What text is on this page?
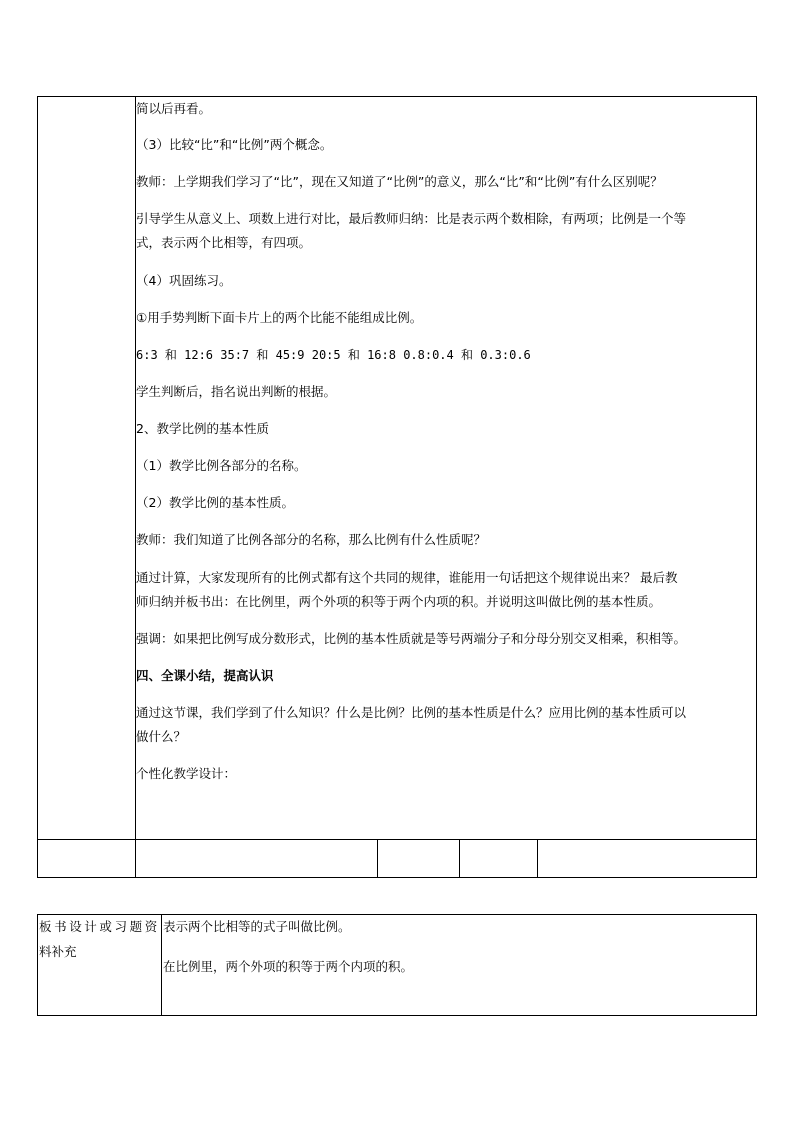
简以后再看。
（3）比较“比”和“比例”两个概念。
教师：上学期我们学习了“比”，现在又知道了“比例”的意义，那么“比”和“比例”有什么区别呢？
引导学生从意义上、项数上进行对比，最后教师归纳：比是表示两个数相除，有两项；比例是一个等
式，表示两个比相等，有四项。
（4）巩固练习。
①用手势判断下面卡片上的两个比能不能组成比例。
6:3 和 12:6 35:7 和 45:9 20:5 和 16:8 0.8:0.4 和 0.3:0.6
学生判断后，指名说出判断的根据。
2、教学比例的基本性质
（1）教学比例各部分的名称。
（2）教学比例的基本性质。
教师：我们知道了比例各部分的名称，那么比例有什么性质呢？
通过计算，大家发现所有的比例式都有这个共同的规律，谁能用一句话把这个规律说出来？ 最后教
师归纳并板书出：在比例里，两个外项的积等于两个内项的积。并说明这叫做比例的基本性质。
强调：如果把比例写成分数形式，比例的基本性质就是等号两端分子和分母分别交叉相乘，积相等。
四、全课小结，提高认识
通过这节课，我们学到了什么知识？什么是比例？比例的基本性质是什么？应用比例的基本性质可以
做什么？
个性化教学设计：
板书设计或习题资
料补充
表示两个比相等的式子叫做比例。
在比例里，两个外项的积等于两个内项的积。
